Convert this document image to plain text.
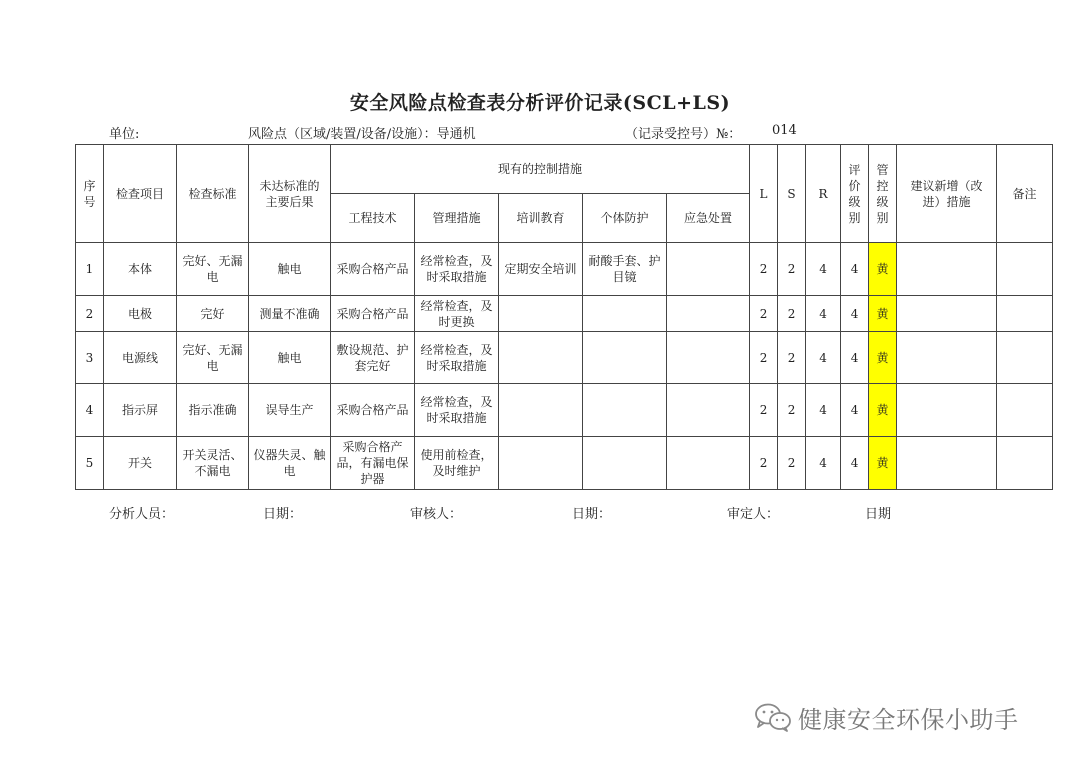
安全风险点检查表分析评价记录(SCL+LS)
单位:	风险点（区域/装置/设备/设施）：导通机	（记录受控号）№： 014
序号	检查项目	检查标准	未达标准的主要后果	现有的控制措施					L	S	R	评价级别	管控级别	建议新增（改进）措施	备注
				工程技术	管理措施	培训教育	个体防护	应急处置							
1	本体	完好、无漏电	触电	采购合格产品	经常检查，及时采取措施	定期安全培训	耐酸手套、护目镜		2	2	4	4	黄		
2	电极	完好	测量不准确	采购合格产品	经常检查，及时更换				2	2	4	4	黄		
3	电源线	完好、无漏电	触电	敷设规范、护套完好	经常检查，及时采取措施				2	2	4	4	黄		
4	指示屏	指示准确	误导生产	采购合格产品	经常检查，及时采取措施				2	2	4	4	黄		
5	开关	开关灵活、不漏电	仪器失灵、触电	采购合格产品，有漏电保护器	使用前检查，及时维护				2	2	4	4	黄		
分析人员：	日期：	审核人：	日期：	审定人：	日期
健康安全环保小助手
